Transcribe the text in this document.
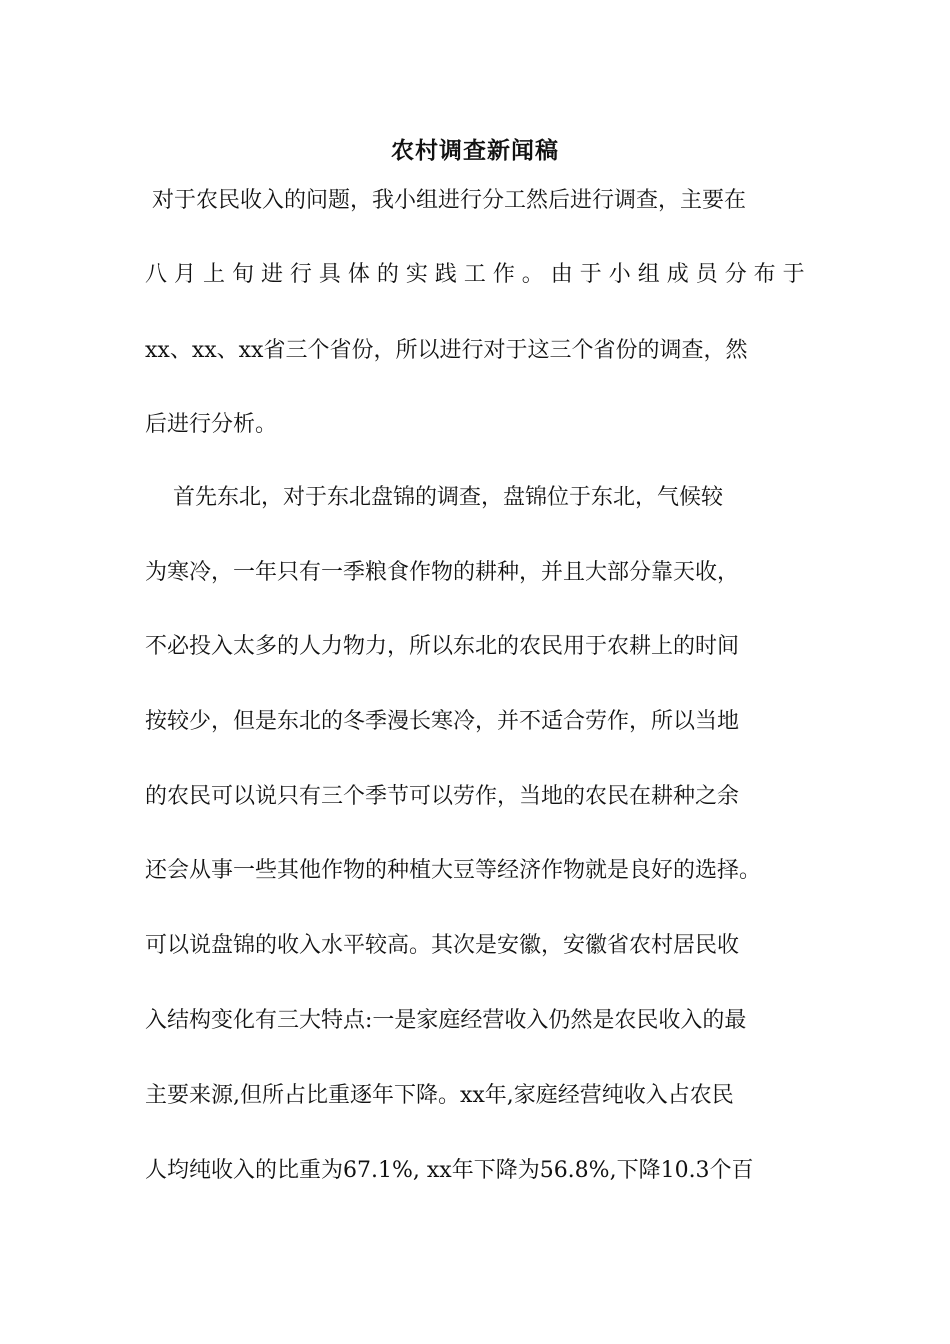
农村调查新闻稿
对于农民收入的问题，我小组进行分工然后进行调查，主要在
八 月 上 旬 进 行 具 体 的 实 践 工 作 。 由 于 小 组 成 员 分 布 于
xx、xx、xx省三个省份，所以进行对于这三个省份的调查，然
后进行分析。
首先东北，对于东北盘锦的调查，盘锦位于东北，气候较
为寒冷，一年只有一季粮食作物的耕种，并且大部分靠天收，
不必投入太多的人力物力，所以东北的农民用于农耕上的时间
按较少，但是东北的冬季漫长寒冷，并不适合劳作，所以当地
的农民可以说只有三个季节可以劳作，当地的农民在耕种之余
还会从事一些其他作物的种植大豆等经济作物就是良好的选择。
可以说盘锦的收入水平较高。其次是安徽，安徽省农村居民收
入结构变化有三大特点:一是家庭经营收入仍然是农民收入的最
主要来源,但所占比重逐年下降。xx年,家庭经营纯收入占农民
人均纯收入的比重为67.1%, xx年下降为56.8%,下降10.3个百
